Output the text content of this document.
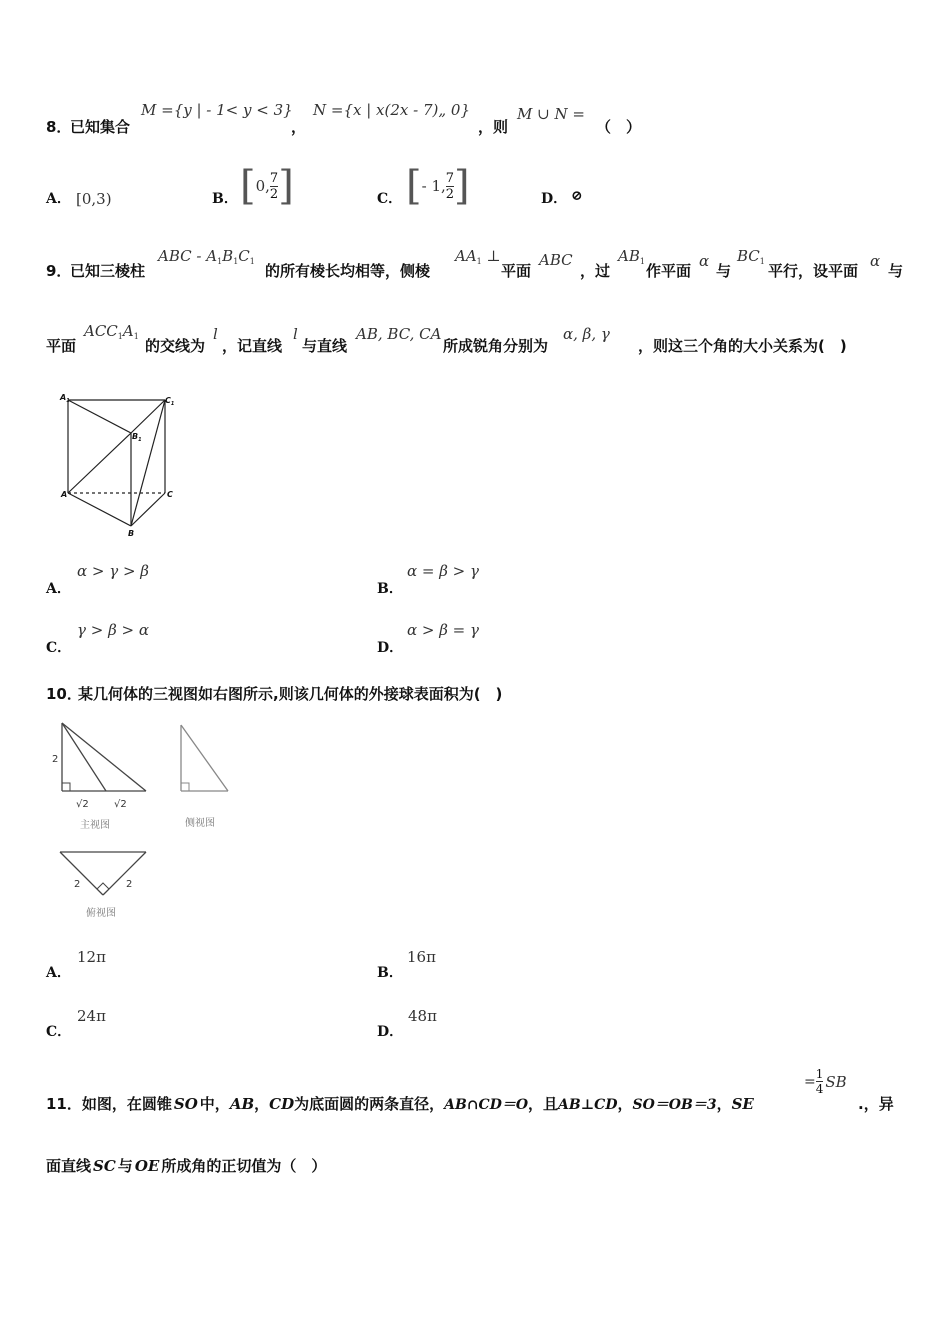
8．
已知集合
M ={y | - 1< y < 3}
，
N ={x | x(2x - 7)„ 0}
，则
M ∪ N =
（　）
A． [0,3)	B． [ 0, $\frac{7}{2}$ ]	C． [ - 1, $\frac{7}{2}$ ]	D． ⊘
9．
已知三棱柱
ABC - $A_1B_1C_1$
的所有棱长均相等，侧棱
$AA_1$ ⊥
平面
ABC
，过
$AB_1$
作平面
α
与
$BC_1$
平行，设平面
α
与
平面
$ACC_1A_1$
的交线为
l
，记直线
l
与直线
AB, BC, CA
所成锐角分别为
α, β, γ
，则这三个角的大小关系为(　)
$A_1$	$C_1$
$B_1$
A	C
B
A．
α > γ > β
B．
α = β > γ
C．
γ > β > α
D．
α > β = γ
10．
某几何体的三视图如右图所示,则该几何体的外接球表面积为(　)
2
√2	√2
2	2
主视图	侧视图
俯视图
A．
12π
B．
16π
C．
24π
D．
48π
11． 如图，在圆锥 SO 中， AB ， CD 为底面圆的两条直径， AB∩CD＝O ，且 AB⊥CD ， SO＝OB＝3 ， SE
= $\frac{1}{4}$ SB
.，异
面直线 SC 与 OE 所成角的正切值为（　）
